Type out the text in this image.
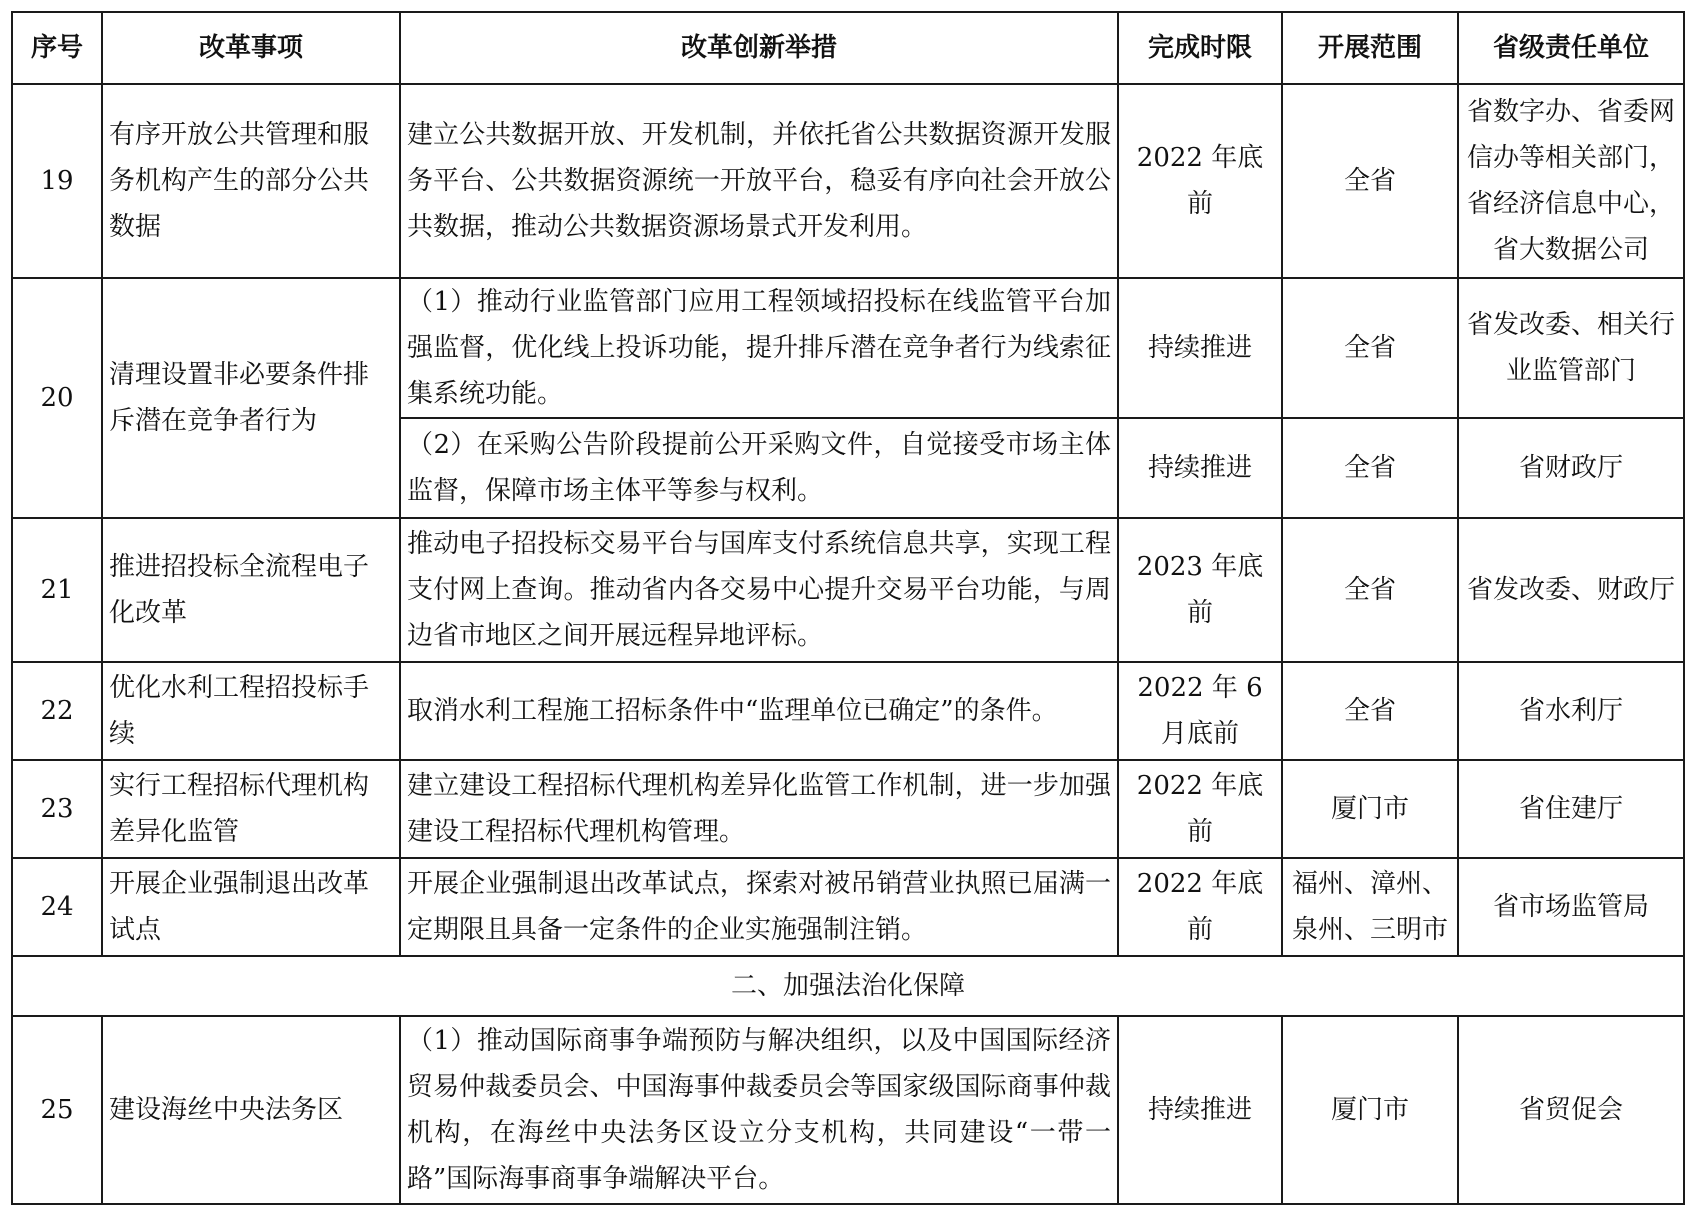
序号	改革事项	改革创新举措	完成时限	开展范围	省级责任单位
19	有序开放公共管理和服务机构产生的部分公共数据	建立公共数据开放、开发机制，并依托省公共数据资源开发服务平台、公共数据资源统一开放平台，稳妥有序向社会开放公共数据，推动公共数据资源场景式开发利用。	2022 年底前	全省	省数字办、省委网信办等相关部门，省经济信息中心，省大数据公司
20	清理设置非必要条件排斥潜在竞争者行为	（1）推动行业监管部门应用工程领域招投标在线监管平台加强监督，优化线上投诉功能，提升排斥潜在竞争者行为线索征集系统功能。	持续推进	全省	省发改委、相关行业监管部门
		（2）在采购公告阶段提前公开采购文件，自觉接受市场主体监督，保障市场主体平等参与权利。	持续推进	全省	省财政厅
21	推进招投标全流程电子化改革	推动电子招投标交易平台与国库支付系统信息共享，实现工程支付网上查询。推动省内各交易中心提升交易平台功能，与周边省市地区之间开展远程异地评标。	2023 年底前	全省	省发改委、财政厅
22	优化水利工程招投标手续	取消水利工程施工招标条件中“监理单位已确定”的条件。	2022 年 6 月底前	全省	省水利厅
23	实行工程招标代理机构差异化监管	建立建设工程招标代理机构差异化监管工作机制，进一步加强建设工程招标代理机构管理。	2022 年底前	厦门市	省住建厅
24	开展企业强制退出改革试点	开展企业强制退出改革试点，探索对被吊销营业执照已届满一定期限且具备一定条件的企业实施强制注销。	2022 年底前	福州、漳州、泉州、三明市	省市场监管局
二、加强法治化保障					
25	建设海丝中央法务区	（1）推动国际商事争端预防与解决组织，以及中国国际经济贸易仲裁委员会、中国海事仲裁委员会等国家级国际商事仲裁机构，在海丝中央法务区设立分支机构，共同建设“一带一路”国际海事商事争端解决平台。	持续推进	厦门市	省贸促会
